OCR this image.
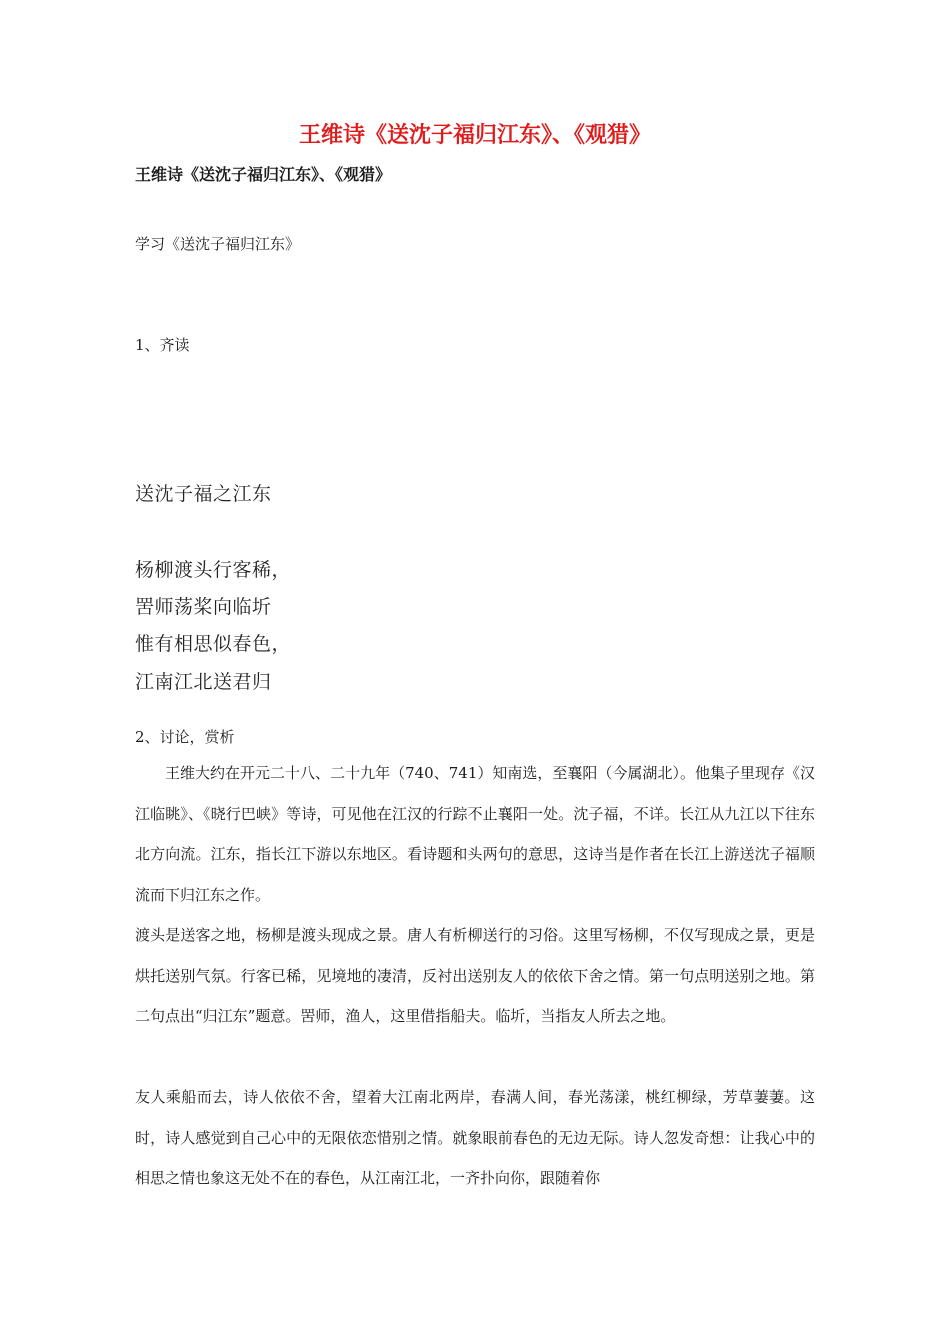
王维诗《送沈子福归江东》、《观猎》
王维诗《送沈子福归江东》、《观猎》
学习《送沈子福归江东》
1、齐读
送沈子福之江东
杨柳渡头行客稀，
罟师荡桨向临圻
惟有相思似春色，
江南江北送君归
2、讨论，赏析

王维大约在开元二十八、二十九年（740、741）知南选，至襄阳（今属湖北）。他集子里现存《汉江临眺》、《晓行巴峡》等诗，可见他在江汉的行踪不止襄阳一处。沈子福，不详。长江从九江以下往东北方向流。江东，指长江下游以东地区。看诗题和头两句的意思，这诗当是作者在长江上游送沈子福顺流而下归江东之作。

渡头是送客之地，杨柳是渡头现成之景。唐人有析柳送行的习俗。这里写杨柳，不仅写现成之景，更是烘托送别气氛。行客已稀，见境地的凄清，反衬出送别友人的依依下舍之情。第一句点明送别之地。第二句点出“归江东”题意。罟师，渔人，这里借指船夫。临圻，当指友人所去之地。

友人乘船而去，诗人依依不舍，望着大江南北两岸，春满人间，春光荡漾，桃红柳绿，芳草萋萋。这时，诗人感觉到自己心中的无限依恋惜别之情。就象眼前春色的无边无际。诗人忽发奇想：让我心中的相思之情也象这无处不在的春色，从江南江北，一齐扑向你，跟随着你
